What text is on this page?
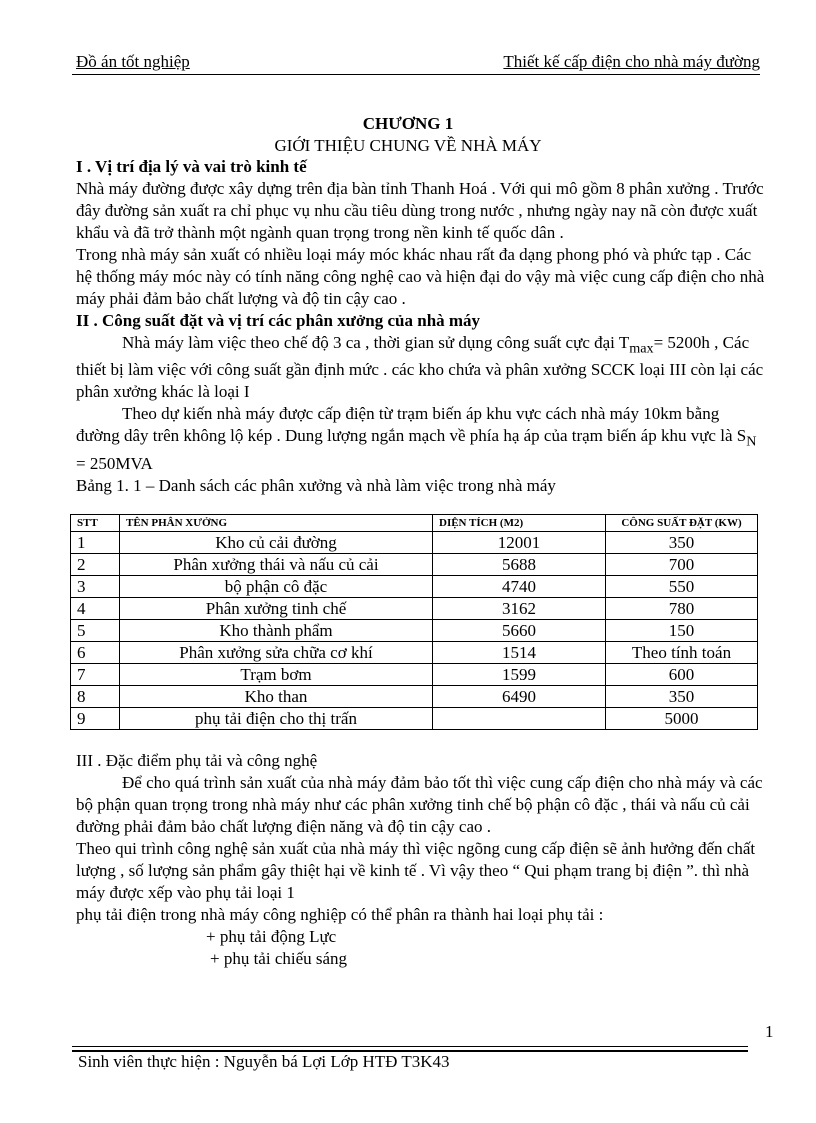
Đồ án tốt nghiệp	Thiết kế cấp điện cho nhà máy đường
CHƯƠNG 1
GIỚI THIỆU CHUNG VỀ NHÀ MÁY

I . Vị trí địa lý và vai trò kinh tế

Nhà máy đường được xây dựng trên địa bàn tỉnh Thanh Hoá . Với qui mô gồm 8 phân xưởng . Trước đây đường sản xuất ra chỉ phục vụ nhu cầu tiêu dùng trong nước , nhưng ngày nay nã còn được xuất khẩu và đã trở thành một ngành quan trọng trong nền kinh tế quốc dân .

Trong nhà máy sản xuất có nhiều loại máy móc khác nhau rất đa dạng phong phó và phức tạp . Các hệ thống máy móc này có tính năng công nghệ cao và hiện đại do vậy mà việc cung cấp điện cho nhà máy phải đảm bảo chất lượng và độ tin cậy cao .

II . Công suất đặt và vị trí các phân xưởng của nhà máy

Nhà máy làm việc theo chế độ 3 ca , thời gian sử dụng công suất cực đại $T_{max}= 5200h$ , Các thiết bị làm việc với công suất gần định mức . các kho chứa và phân xưởng SCCK loại III còn lại các phân xưởng khác là loại I

Theo dự kiến nhà máy được cấp điện từ trạm biến áp khu vực cách nhà máy 10km bằng đường dây trên không lộ kép . Dung lượng ngắn mạch về phía hạ áp của trạm biến áp khu vực là $S_N = 250MVA$

Bảng 1. 1 – Danh sách các phân xưởng và nhà làm việc trong nhà máy

STT	TÊN PHÂN XƯỞNG	DIỆN TÍCH (M2)	CÔNG SUẤT ĐẶT (KW)
1	Kho củ cải đường	12001	350
2	Phân xưởng thái và nấu củ cải	5688	700
3	bộ phận cô đặc	4740	550
4	Phân xưởng tinh chế	3162	780
5	Kho thành phẩm	5660	150
6	Phân xưởng sửa chữa cơ khí	1514	Theo tính toán
7	Trạm bơm	1599	600
8	Kho than	6490	350
9	phụ tải điện cho thị trấn		5000

III . Đặc điểm phụ tải và công nghệ

Để cho quá trình sản xuất của nhà máy đảm bảo tốt thì việc cung cấp điện cho nhà máy và các bộ phận quan trọng trong nhà máy như các phân xưởng tinh chế bộ phận cô đặc , thái và nấu củ cải đường phải đảm bảo chất lượng điện năng và độ tin cậy cao .

Theo qui trình công nghệ sản xuất của nhà máy thì việc ngõng cung cấp điện sẽ ảnh hưởng đến chất lượng , số lượng sản phẩm gây thiệt hại về kinh tế . Vì vậy theo “ Qui phạm trang bị điện ”. thì nhà máy được xếp vào phụ tải loại 1

phụ tải điện trong nhà máy công nghiệp có thể phân ra thành hai loại phụ tải :

+ phụ tải động Lực

+ phụ tải chiếu sáng

1
Sinh viên thực hiện : Nguyễn bá Lợi Lớp HTĐ T3K43
